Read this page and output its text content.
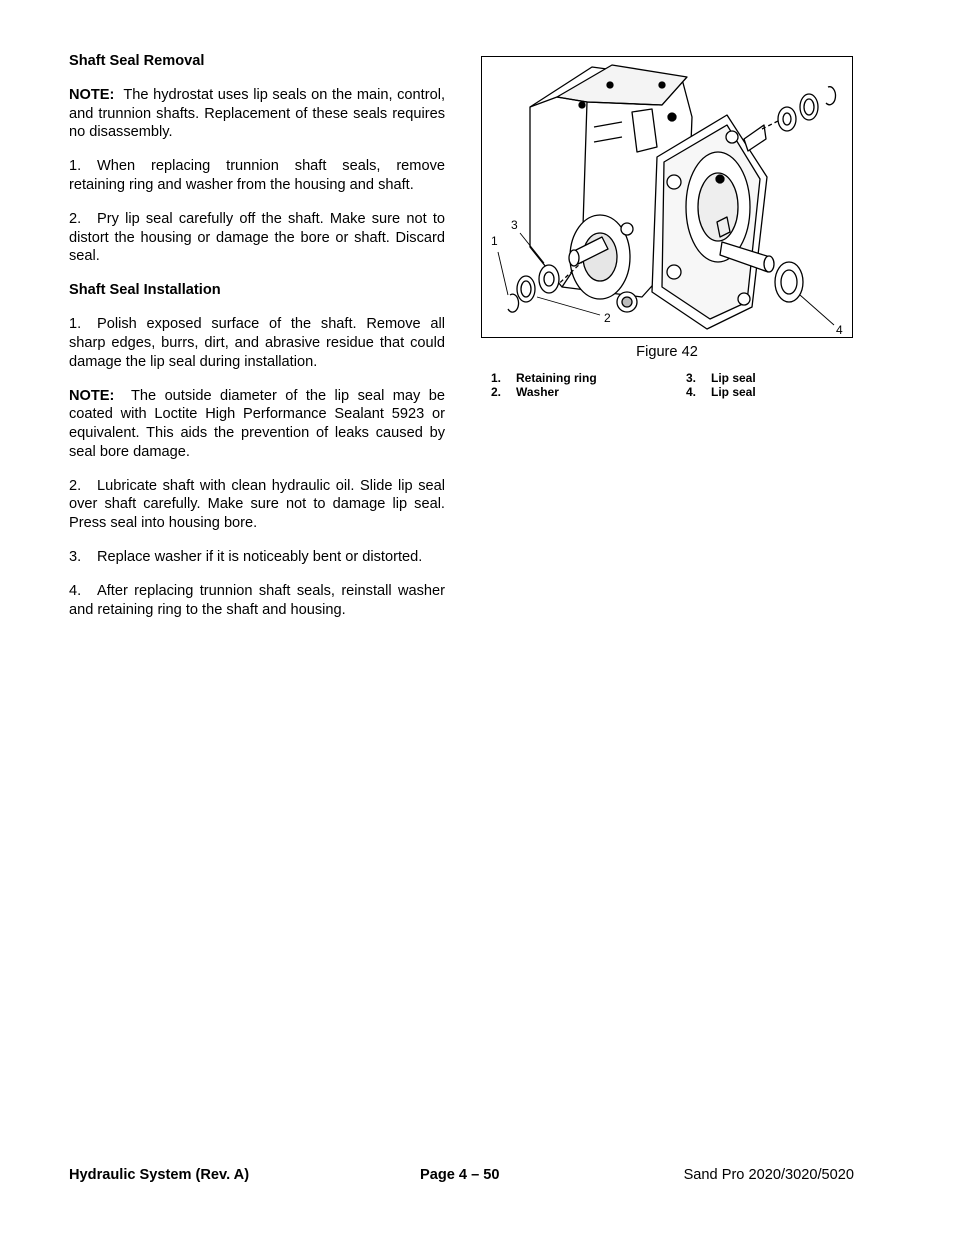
Shaft Seal Removal

NOTE: The hydrostat uses lip seals on the main, control, and trunnion shafts. Replacement of these seals requires no disassembly.

1. When replacing trunnion shaft seals, remove retaining ring and washer from the housing and shaft.

2. Pry lip seal carefully off the shaft. Make sure not to distort the housing or damage the bore or shaft. Discard seal.

Shaft Seal Installation

1. Polish exposed surface of the shaft. Remove all sharp edges, burrs, dirt, and abrasive residue that could damage the lip seal during installation.

NOTE: The outside diameter of the lip seal may be coated with Loctite High Performance Sealant 5923 or equivalent. This aids the prevention of leaks caused by seal bore damage.

2. Lubricate shaft with clean hydraulic oil. Slide lip seal over shaft carefully. Make sure not to damage lip seal. Press seal into housing bore.

3. Replace washer if it is noticeably bent or distorted.

4. After replacing trunnion shaft seals, reinstall washer and retaining ring to the shaft and housing.

1
3
2
4
Figure 42
1. Retaining ring
2. Washer
3. Lip seal
4. Lip seal
Hydraulic System (Rev. A)	Page 4 – 50	Sand Pro 2020/3020/5020
